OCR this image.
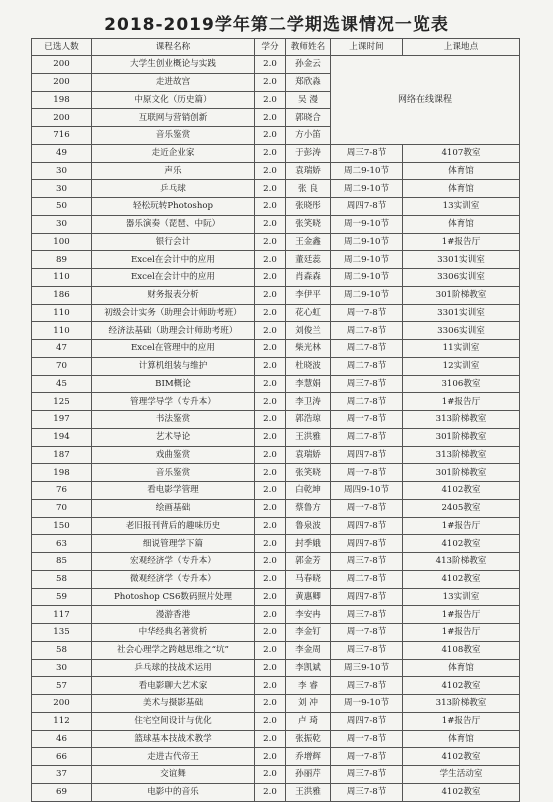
2018-2019学年第二学期选课情况一览表
已选人数	课程名称	学分	教师姓名	上课时间	上课地点
200	大学生创业概论与实践	2.0	孙金云	网络在线课程	
200	走进故宫	2.0	郑欣淼		
198	中原文化（历史篇）	2.0	吴 漫		
200	互联网与营销创新	2.0	郭晓合		
716	音乐鉴赏	2.0	方小笛		
49	走近企业家	2.0	于彭涛	周三7-8节	4107教室
30	声乐	2.0	袁瑞娇	周二9-10节	体育馆
30	乒乓球	2.0	张 良	周二9-10节	体育馆
50	轻松玩转Photoshop	2.0	张晓彤	周四7-8节	13实训室
30	器乐演奏（琵琶、中阮）	2.0	张笑晓	周一9-10节	体育馆
100	银行会计	2.0	王金鑫	周二9-10节	1#报告厅
89	Excel在会计中的应用	2.0	董廷蕊	周二9-10节	3301实训室
110	Excel在会计中的应用	2.0	肖森森	周二9-10节	3306实训室
186	财务报表分析	2.0	李伊平	周二9-10节	301阶梯教室
110	初级会计实务（助理会计师助考班）	2.0	花心虹	周一7-8节	3301实训室
110	经济法基础（助理会计师助考班）	2.0	刘俊兰	周二7-8节	3306实训室
47	Excel在管理中的应用	2.0	柴光林	周二7-8节	11实训室
70	计算机组装与维护	2.0	杜晓波	周二7-8节	12实训室
45	BIM概论	2.0	李慧娟	周三7-8节	3106教室
125	管理学导学（专升本）	2.0	李卫涛	周二7-8节	1#报告厅
197	书法鉴赏	2.0	郭浩琼	周一7-8节	313阶梯教室
194	艺术导论	2.0	王洪雅	周二7-8节	301阶梯教室
187	戏曲鉴赏	2.0	袁瑞娇	周四7-8节	313阶梯教室
198	音乐鉴赏	2.0	张笑晓	周一7-8节	301阶梯教室
76	看电影学管理	2.0	白乾坤	周四9-10节	4102教室
70	绘画基础	2.0	蔡鲁方	周一7-8节	2405教室
150	老旧报刊背后的趣味历史	2.0	鲁泉波	周四7-8节	1#报告厅
63	细说管理学下篇	2.0	封季娥	周四7-8节	4102教室
85	宏观经济学（专升本）	2.0	郭金芳	周三7-8节	413阶梯教室
58	微观经济学（专升本）	2.0	马春晓	周二7-8节	4102教室
59	Photoshop CS6数码照片处理	2.0	黄惠卿	周四7-8节	13实训室
117	漫游香港	2.0	李安冉	周三7-8节	1#报告厅
135	中华经典名著赏析	2.0	李金钉	周一7-8节	1#报告厅
58	社会心理学之跨越思维之“坑”	2.0	李金周	周三7-8节	4108教室
30	乒乓球的技战术运用	2.0	李凯斌	周三9-10节	体育馆
57	看电影聊大艺术家	2.0	李 睿	周三7-8节	4102教室
200	美术与摄影基础	2.0	刘 冲	周一9-10节	313阶梯教室
112	住宅空间设计与优化	2.0	卢 琦	周四7-8节	1#报告厅
46	篮球基本技战术教学	2.0	张振乾	周一7-8节	体育馆
66	走进古代帝王	2.0	乔增辉	周一7-8节	4102教室
37	交谊舞	2.0	孙丽芹	周三7-8节	学生活动室
69	电影中的音乐	2.0	王洪雅	周三7-8节	4102教室
